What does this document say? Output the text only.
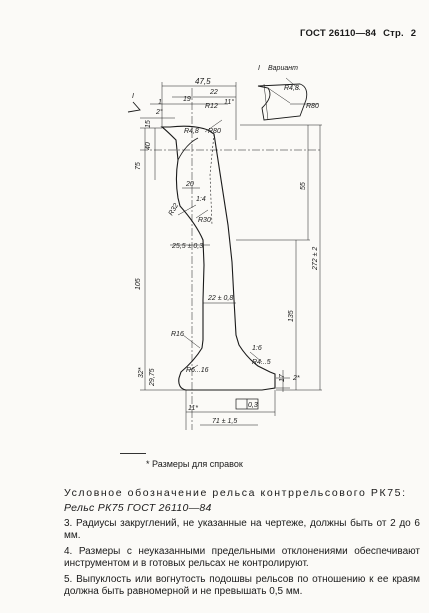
ГОСТ 26110—84 Стр. 2
I Вариант
I
47,5
22
19
R12
11°
1
2°
15
R4,8 R80
R4,8
R80
40
75
20
1:4
R32
R30
25,5 ± 0,3
55
272 ± 2
105
22 ± 0,8
135
R16
1:6
R6...16
R4...5
32* 29,75	17 2*
11*	0,3
71 ± 1,5
* Размеры для справок

Условное обозначение рельса контррельсового РК75:

Рельс РК75 ГОСТ 26110—84

3. Радиусы закруглений, не указанные на чертеже, должны быть от 2 до 6 мм.

4. Размеры с неуказанными предельными отклонениями обеспечивают инструментом и в готовых рельсах не контролируют.

5. Выпуклость или вогнутость подошвы рельсов по отношению к ее краям должна быть равномерной и не превышать 0,5 мм.
